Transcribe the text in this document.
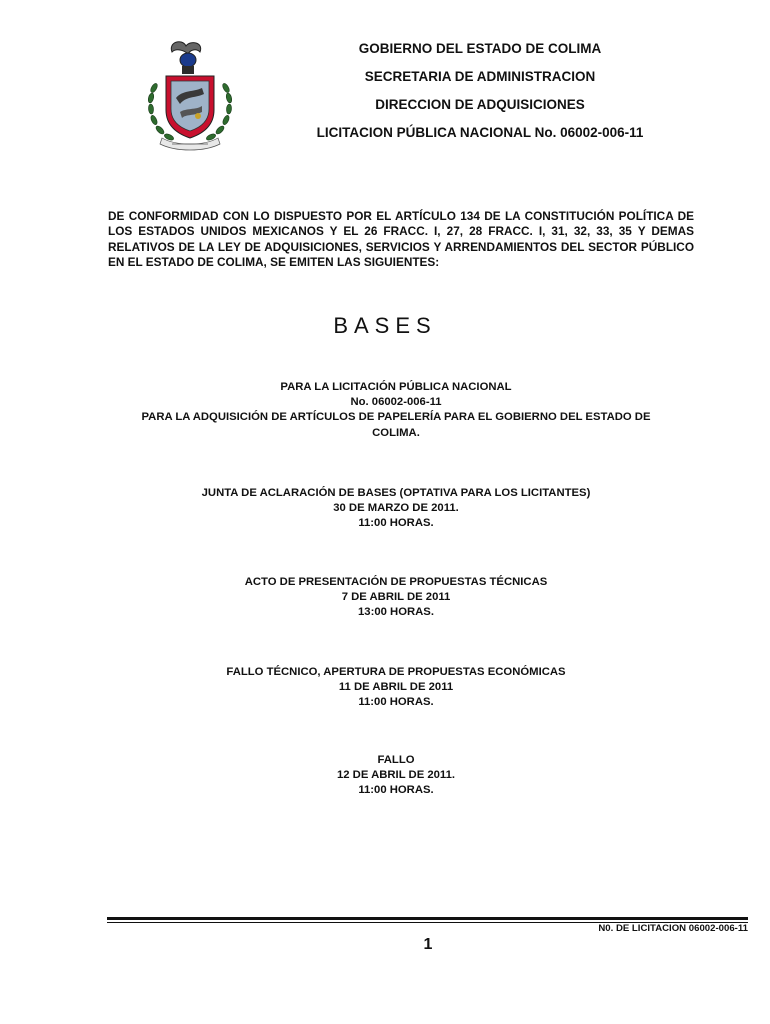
GOBIERNO DEL ESTADO DE COLIMA
SECRETARIA DE ADMINISTRACION
DIRECCION DE ADQUISICIONES
LICITACION PÚBLICA NACIONAL No. 06002-006-11
DE CONFORMIDAD CON LO DISPUESTO POR EL ARTÍCULO 134 DE LA CONSTITUCIÓN POLÍTICA DE LOS ESTADOS UNIDOS MEXICANOS Y EL 26 FRACC. I, 27, 28 FRACC. I, 31, 32, 33, 35 Y DEMAS RELATIVOS DE LA LEY DE ADQUISICIONES, SERVICIOS Y ARRENDAMIENTOS DEL SECTOR PÚBLICO EN EL ESTADO DE COLIMA, SE EMITEN LAS SIGUIENTES:
BASES
PARA LA LICITACIÓN PÚBLICA NACIONAL
No. 06002-006-11
PARA LA ADQUISICIÓN DE ARTÍCULOS DE PAPELERÍA PARA EL GOBIERNO DEL ESTADO DE
COLIMA.
JUNTA DE ACLARACIÓN DE BASES (OPTATIVA PARA LOS LICITANTES)
30 DE MARZO DE 2011.
11:00 HORAS.
ACTO DE PRESENTACIÓN DE PROPUESTAS TÉCNICAS
7 DE ABRIL DE 2011
13:00 HORAS.
FALLO TÉCNICO, APERTURA DE PROPUESTAS ECONÓMICAS
11 DE ABRIL DE 2011
11:00 HORAS.
FALLO
12 DE ABRIL DE 2011.
11:00 HORAS.
N0. DE LICITACION 06002-006-11
1
